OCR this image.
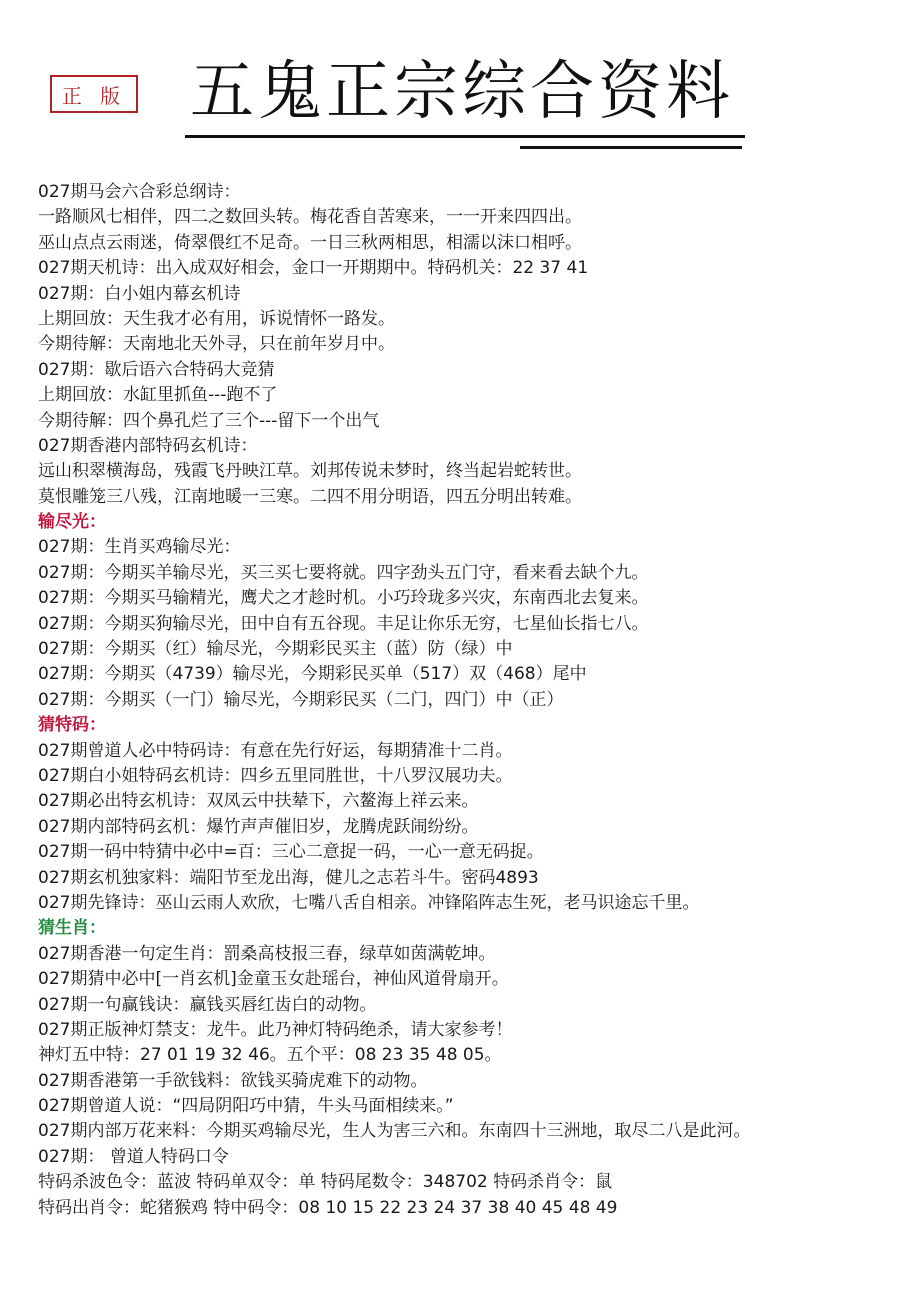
正 版 五鬼正宗综合资料
027期马会六合彩总纲诗：
一路顺风七相伴，四二之数回头转。梅花香自苦寒来，一一开来四四出。
巫山点点云雨迷，倚翠偎红不足奇。一日三秋两相思，相濡以沫口相呼。
027期天机诗：出入成双好相会，金口一开期期中。特码机关：22 37 41
027期：白小姐内幕玄机诗
上期回放：天生我才必有用，诉说情怀一路发。
今期待解：天南地北天外寻，只在前年岁月中。
027期：歇后语六合特码大竞猜
上期回放：水缸里抓鱼---跑不了
今期待解：四个鼻孔烂了三个---留下一个出气
027期香港内部特码玄机诗：
远山积翠横海岛，残霞飞丹映江草。刘邦传说未梦时，终当起岩蛇转世。
莫恨雕笼三八残，江南地暖一三寒。二四不用分明语，四五分明出转难。
输尽光：
027期：生肖买鸡输尽光：
027期：今期买羊输尽光，买三买七要将就。四字劲头五门守，看来看去缺个九。
027期：今期买马输精光，鹰犬之才趁时机。小巧玲珑多兴灾，东南西北去复来。
027期：今期买狗输尽光，田中自有五谷现。丰足让你乐无穷，七星仙长指七八。
027期：今期买（红）输尽光，今期彩民买主（蓝）防（绿）中
027期：今期买（4739）输尽光，今期彩民买单（517）双（468）尾中
027期：今期买（一门）输尽光，今期彩民买（二门，四门）中（正）
猜特码：
027期曾道人必中特码诗：有意在先行好运，每期猜准十二肖。
027期白小姐特码玄机诗：四乡五里同胜世，十八罗汉展功夫。
027期必出特玄机诗：双凤云中扶辇下，六鳌海上祥云来。
027期内部特码玄机：爆竹声声催旧岁，龙腾虎跃闹纷纷。
027期一码中特猜中必中=百：三心二意捉一码，一心一意无码捉。
027期玄机独家料：端阳节至龙出海，健儿之志若斗牛。密码4893
027期先锋诗：巫山云雨人欢欣，七嘴八舌自相亲。冲锋陷阵志生死，老马识途忘千里。
猜生肖：
027期香港一句定生肖：罰桑高枝报三春，绿草如茵满乾坤。
027期猜中必中[一肖玄机]金童玉女赴瑶台，神仙风道骨扇开。
027期一句赢钱诀：赢钱买唇红齿白的动物。
027期正版神灯禁支：龙牛。此乃神灯特码绝杀，请大家参考！
神灯五中特：27 01 19 32 46。五个平：08 23 35 48 05。
027期香港第一手欲钱料：欲钱买骑虎难下的动物。
027期曾道人说：“四局阴阳巧中猜，牛头马面相续来。”
027期内部万花来料：今期买鸡输尽光，生人为害三六和。东南四十三洲地，取尽二八是此河。
027期： 曾道人特码口令
特码杀波色令：蓝波 特码单双令：单 特码尾数令：348702 特码杀肖令：鼠
特码出肖令：蛇猪猴鸡 特中码令：08 10 15 22 23 24 37 38 40 45 48 49
